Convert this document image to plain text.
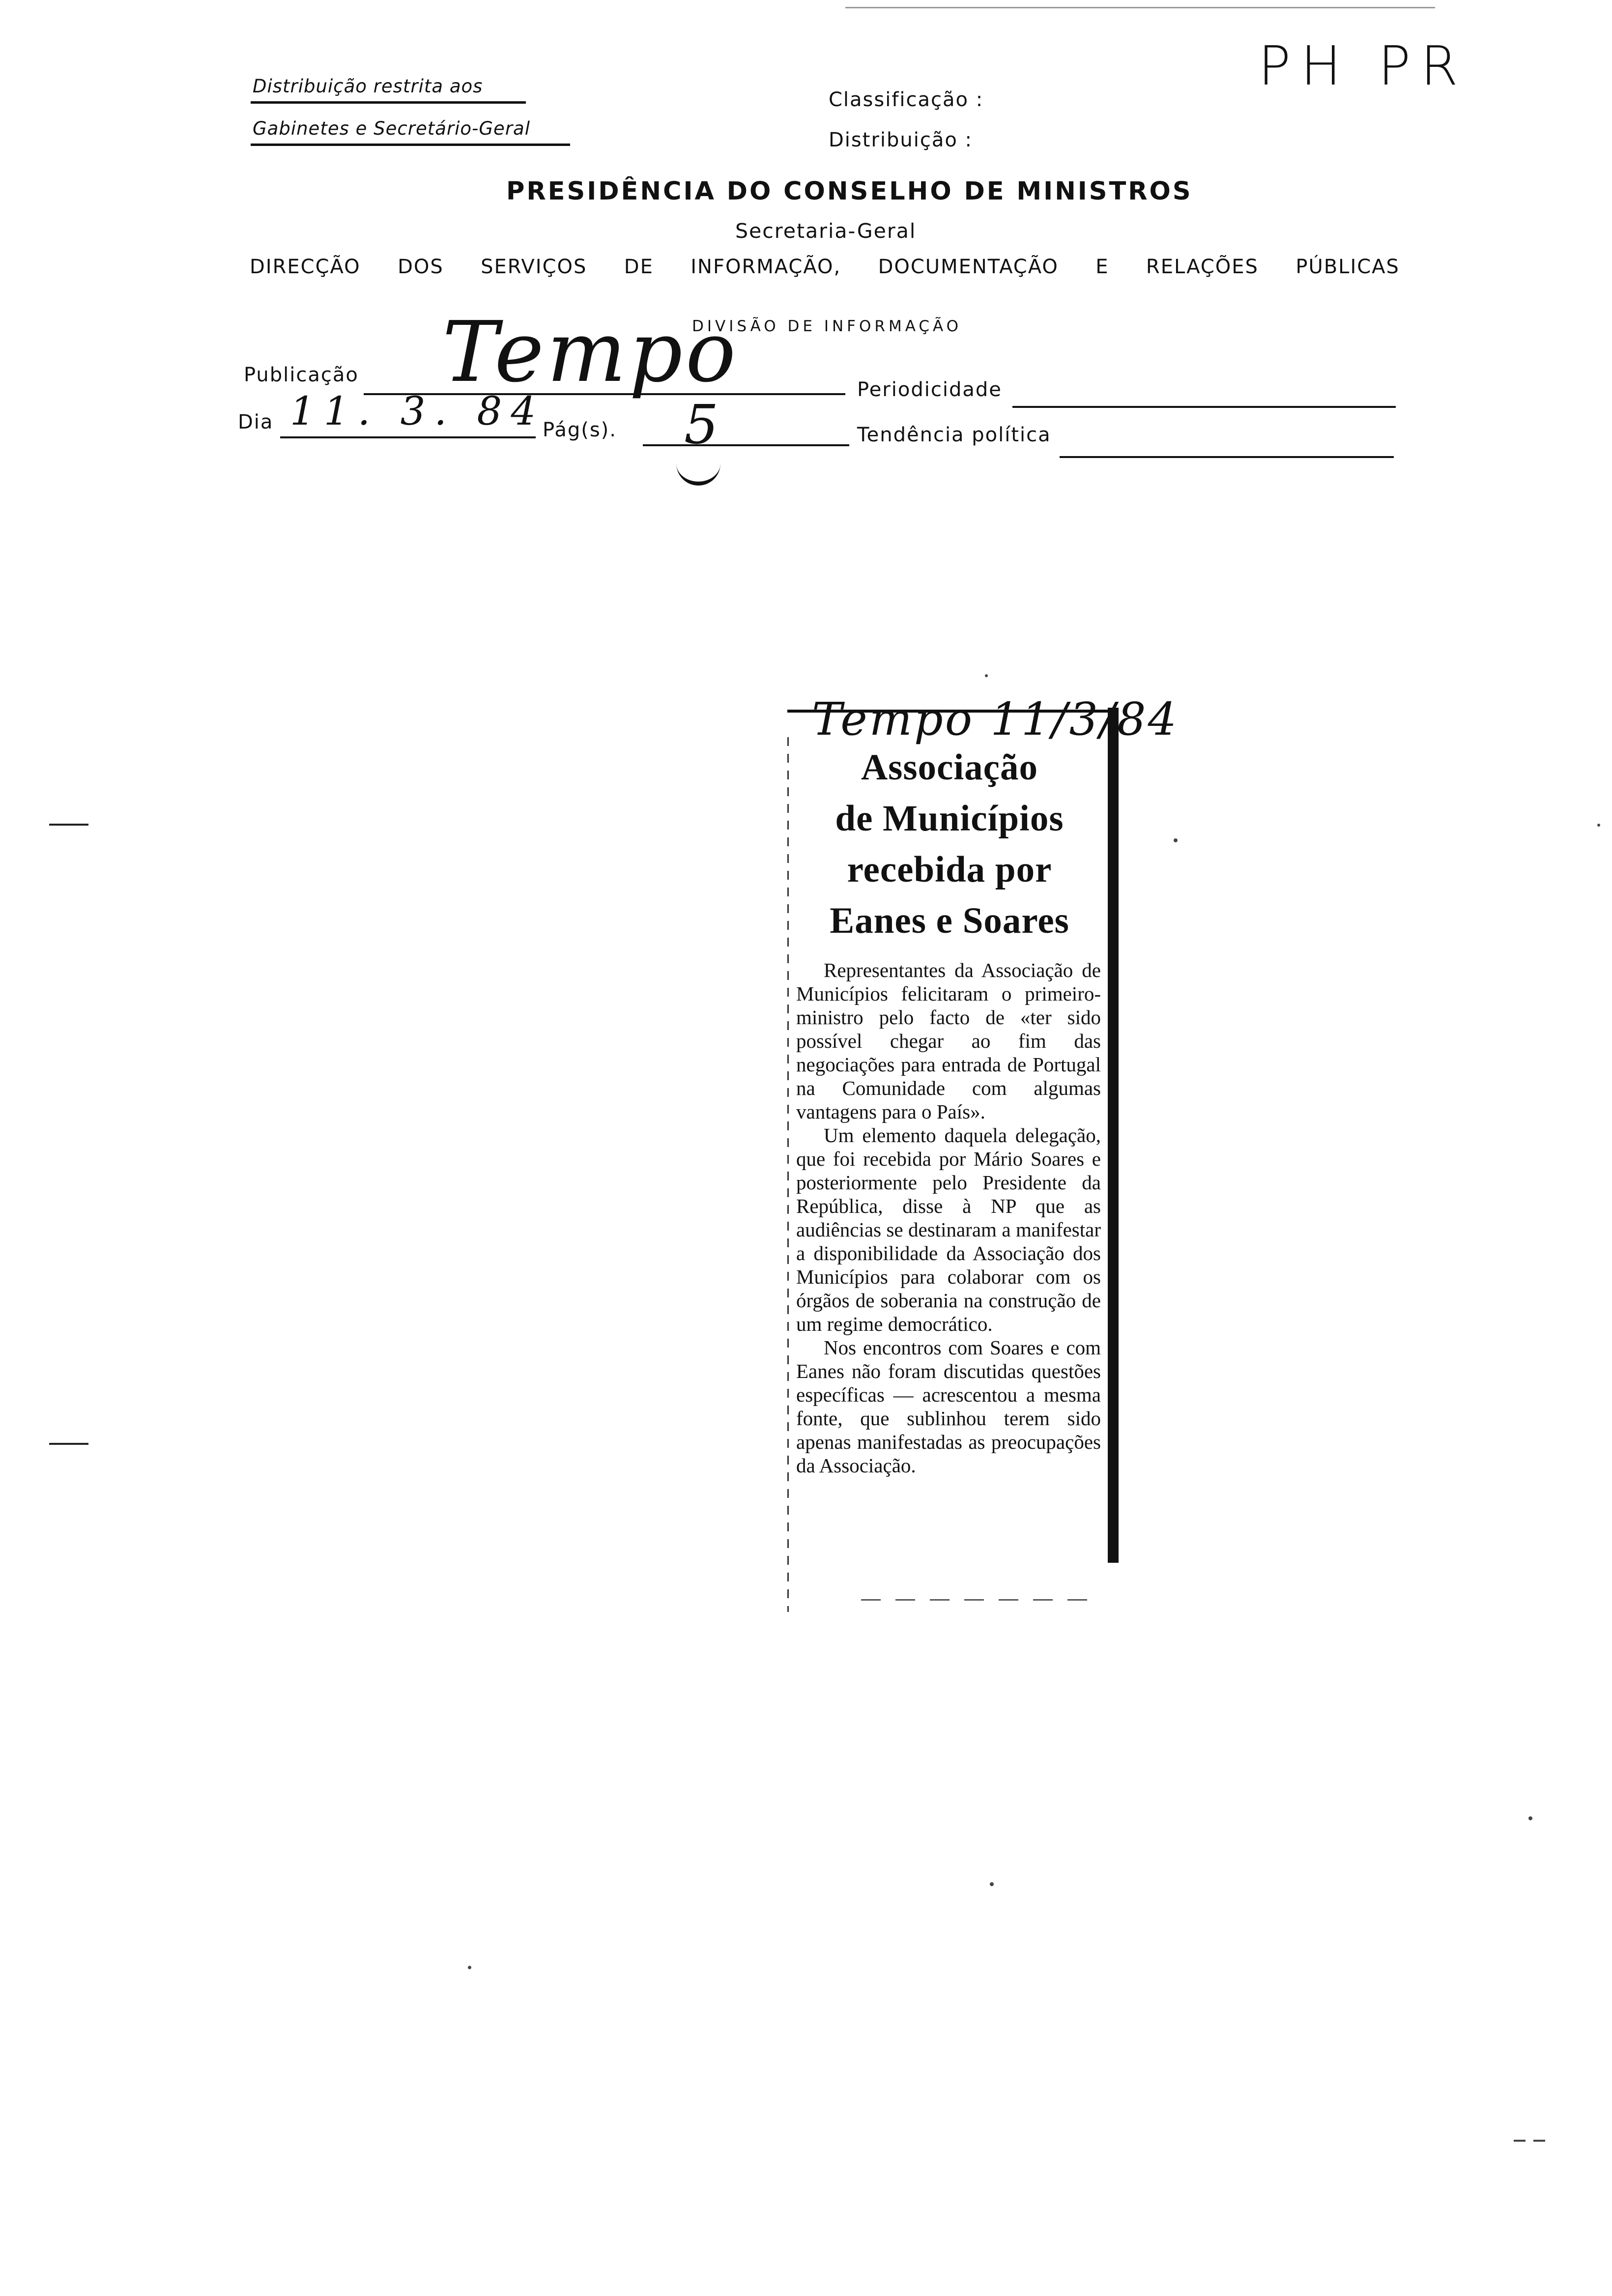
Distribuição restrita aos
Gabinetes e Secretário-Geral
Classificação :
Distribuição :
PH PR
PRESIDÊNCIA DO CONSELHO DE MINISTROS
Secretaria-Geral
DIRECÇÃO DOS SERVIÇOS DE INFORMAÇÃO, DOCUMENTAÇÃO E RELAÇÕES PÚBLICAS
DIVISÃO DE INFORMAÇÃO
Publicação Tempo	Periodicidade
Dia 11. 3. 84
Pág(s). 5	Tendência política
Tempo 11/3/84
Associação
de Municípios
recebida por
Eanes e Soares

Representantes da Associação de Municípios felicitaram o primeiro-ministro pelo facto de «ter sido possível chegar ao fim das negociações para entrada de Portugal na Comunidade com algumas vantagens para o País».

Um elemento daquela delegação, que foi recebida por Mário Soares e posteriormente pelo Presidente da República, disse à NP que as audiências se destinaram a manifestar a disponibilidade da Associação dos Municípios para colaborar com os órgãos de soberania na construção de um regime democrático.

Nos encontros com Soares e com Eanes não foram discutidas questões específicas — acrescentou a mesma fonte, que sublinhou terem sido apenas manifestadas as preocupações da Associação.
